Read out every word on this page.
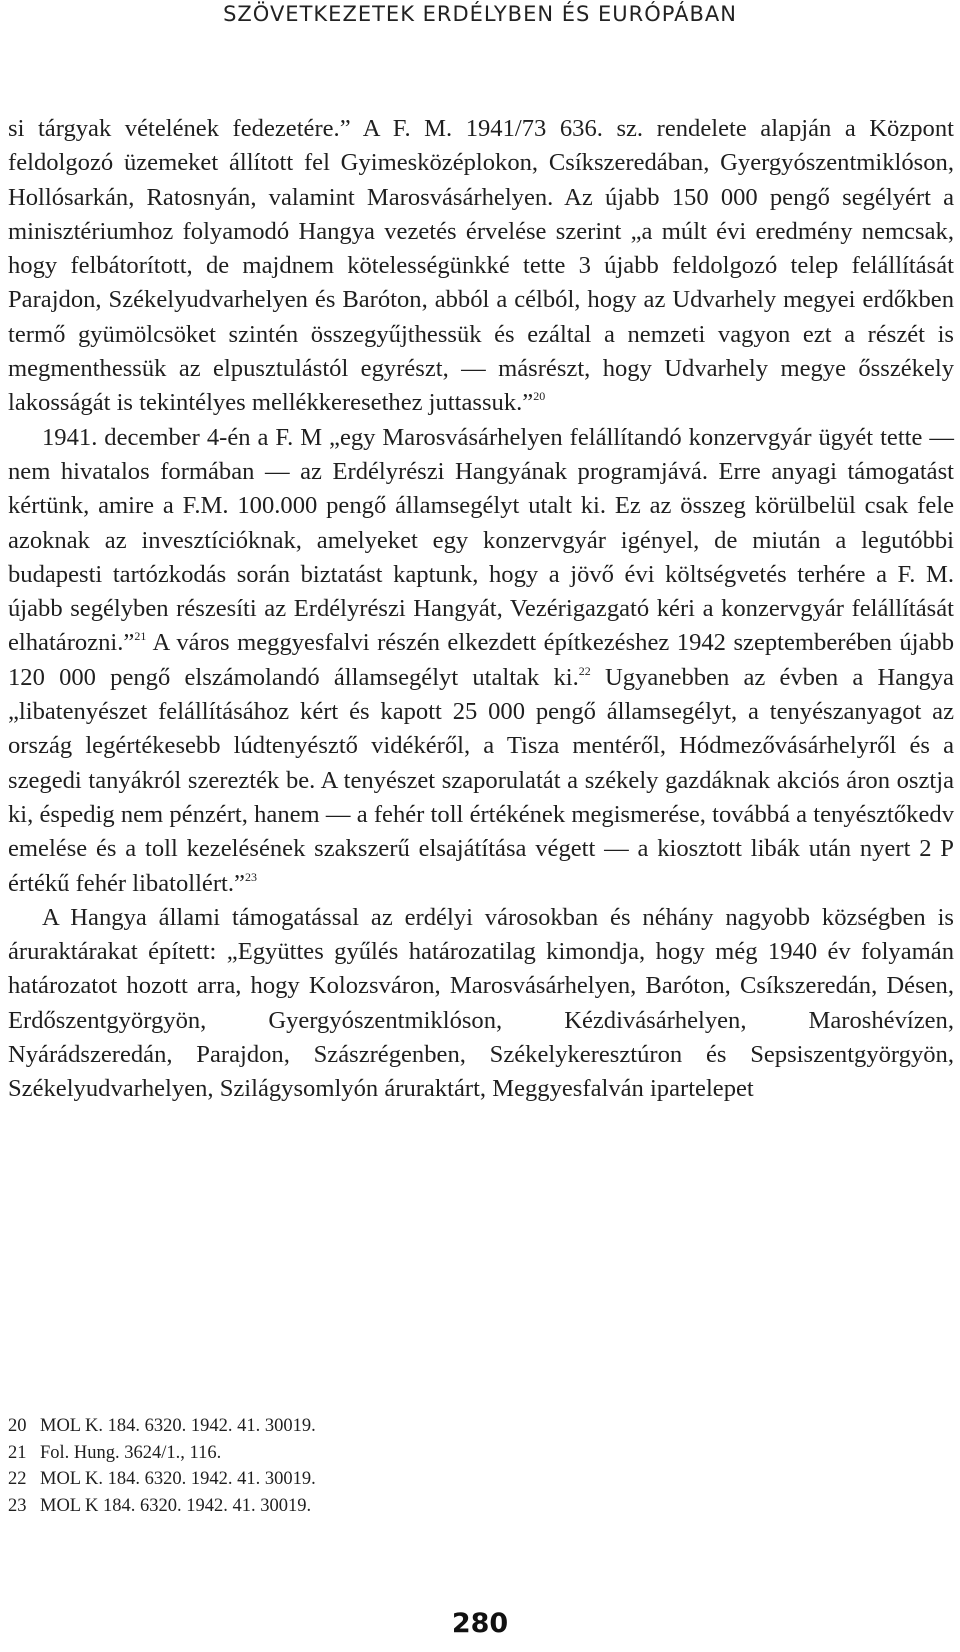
SZÖVETKEZETEK ERDÉLYBEN ÉS EURÓPÁBAN

si tárgyak vételének fedezetére.” A F. M. 1941/73 636. sz. rendelete alapján a Központ feldolgozó üzemeket állított fel Gyimesközéplokon, Csíkszeredában, Gyergyószentmiklóson, Hollósarkán, Ratosnyán, valamint Marosvásárhelyen. Az újabb 150 000 pengő segélyért a minisztériumhoz folyamodó Hangya vezetés érvelése szerint „a múlt évi eredmény nemcsak, hogy felbátorított, de majdnem kötelességünkké tette 3 újabb feldolgozó telep felállítását Parajdon, Székelyudvarhelyen és Baróton, abból a célból, hogy az Udvarhely megyei erdőkben termő gyümölcsöket szintén összegyűjthessük és ezáltal a nemzeti vagyon ezt a részét is megmenthessük az elpusztulástól egyrészt, — másrészt, hogy Udvarhely megye ősszékely lakosságát is tekintélyes mellékkeresethez juttassuk.”$^{20}$

1941. december 4-én a F. M „egy Marosvásárhelyen felállítandó konzervgyár ügyét tette — nem hivatalos formában — az Erdélyrészi Hangyának programjává. Erre anyagi támogatást kértünk, amire a F.M. 100.000 pengő államsegélyt utalt ki. Ez az összeg körülbelül csak fele azoknak az invesztícióknak, amelyeket egy konzervgyár igényel, de miután a legutóbbi budapesti tartózkodás során biztatást kaptunk, hogy a jövő évi költségvetés terhére a F. M. újabb segélyben részesíti az Erdélyrészi Hangyát, Vezérigazgató kéri a konzervgyár felállítását elhatározni.”$^{21}$ A város meggyesfalvi részén elkezdett építkezéshez 1942 szeptemberében újabb 120 000 pengő elszámolandó államsegélyt utaltak ki.$^{22}$ Ugyanebben az évben a Hangya „libatenyészet felállításához kért és kapott 25 000 pengő államsegélyt, a tenyészanyagot az ország legértékesebb lúdtenyésztő vidékéről, a Tisza mentéről, Hódmezővásárhelyről és a szegedi tanyákról szerezték be. A tenyészet szaporulatát a székely gazdáknak akciós áron osztja ki, éspedig nem pénzért, hanem — a fehér toll értékének megismerése, továbbá a tenyésztőkedv emelése és a toll kezelésének szakszerű elsajátítása végett — a kiosztott libák után nyert 2 P értékű fehér libatollért.”$^{23}$

A Hangya állami támogatással az erdélyi városokban és néhány nagyobb községben is áruraktárakat épített: „Együttes gyűlés határozatilag kimondja, hogy még 1940 év folyamán határozatot hozott arra, hogy Kolozsváron, Marosvásárhelyen, Baróton, Csíkszeredán, Désen, Erdőszentgyörgyön, Gyergyószentmiklóson, Kézdivásárhelyen, Maroshévízen, Nyárádszeredán, Parajdon, Szászrégenben, Székelykeresztúron és Sepsiszentgyörgyön, Székelyudvarhelyen, Szilágysomlyón áruraktárt, Meggyesfalván ipartelepet

20 MOL K. 184. 6320. 1942. 41. 30019.
21 Fol. Hung. 3624/1., 116.
22 MOL K. 184. 6320. 1942. 41. 30019.
23 MOL K 184. 6320. 1942. 41. 30019.
280
